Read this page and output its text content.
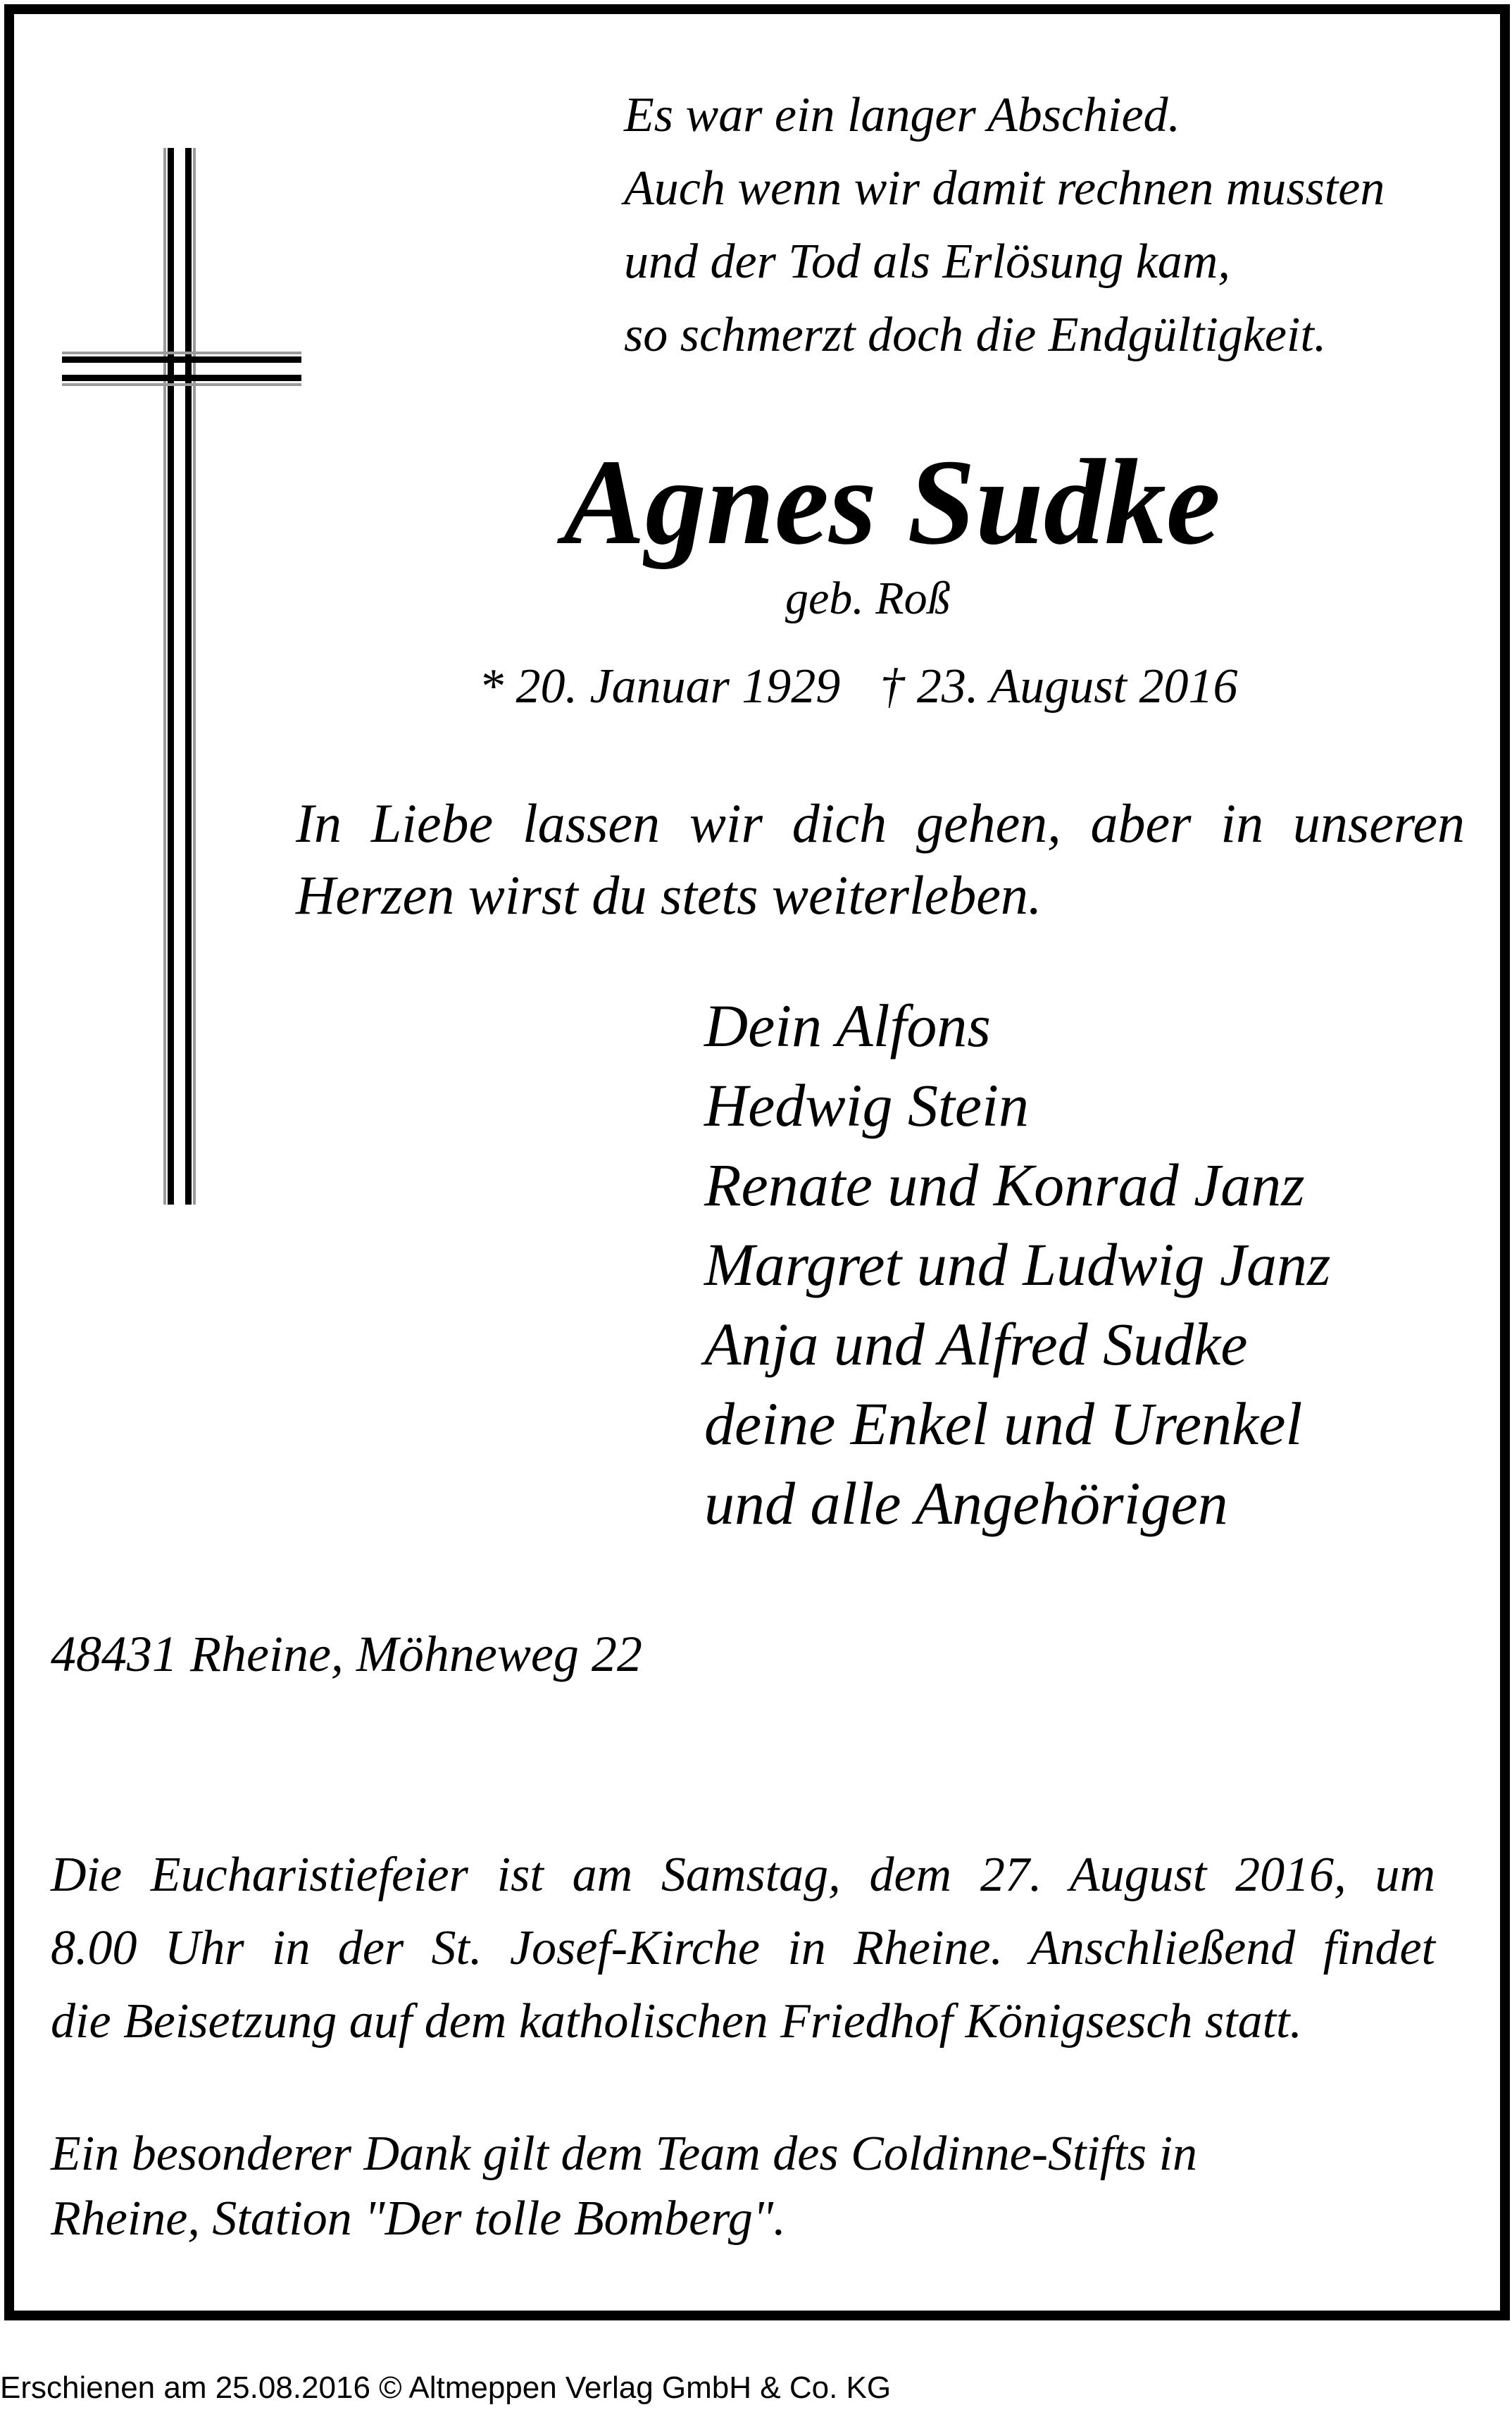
Es war ein langer Abschied.
Auch wenn wir damit rechnen mussten
und der Tod als Erlösung kam,
so schmerzt doch die Endgültigkeit.
Agnes Sudke
geb. Roß
* 20. Januar 1929 † 23. August 2016
In Liebe lassen wir dich gehen, aber in unseren
Herzen wirst du stets weiterleben.
Dein Alfons
Hedwig Stein
Renate und Konrad Janz
Margret und Ludwig Janz
Anja und Alfred Sudke
deine Enkel und Urenkel
und alle Angehörigen
48431 Rheine, Möhneweg 22
Die Eucharistiefeier ist am Samstag, dem 27. August 2016, um
8.00 Uhr in der St. Josef-Kirche in Rheine. Anschließend findet
die Beisetzung auf dem katholischen Friedhof Königsesch statt.
Ein besonderer Dank gilt dem Team des Coldinne-Stifts in
Rheine, Station "Der tolle Bomberg".
Erschienen am 25.08.2016 © Altmeppen Verlag GmbH & Co. KG
